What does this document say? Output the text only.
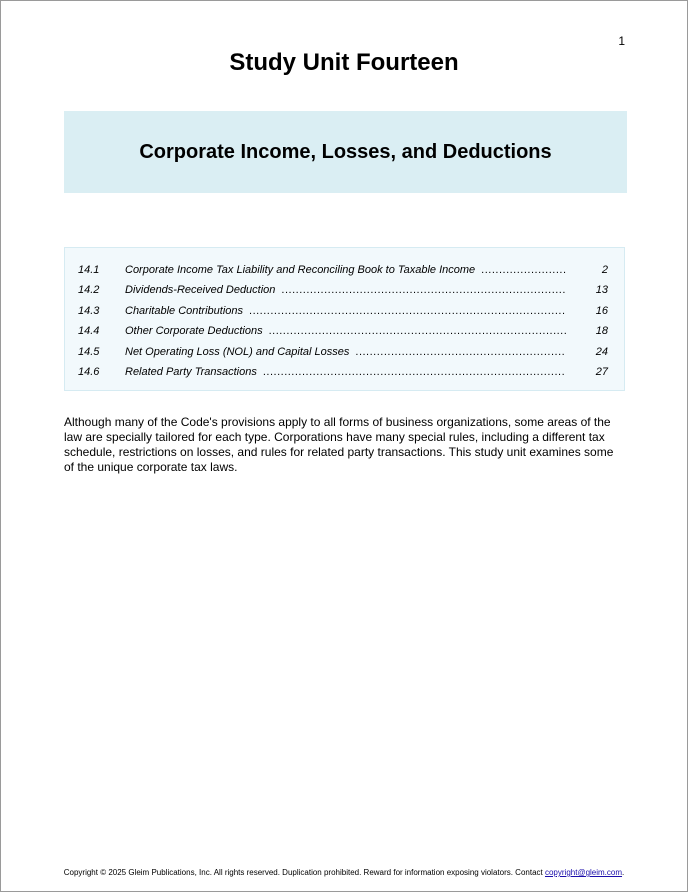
1
Study Unit Fourteen
Corporate Income, Losses, and Deductions
14.1 Corporate Income Tax Liability and Reconciling Book to Taxable Income .....	2
14.2 Dividends-Received Deduction .....	13
14.3 Charitable Contributions .....	16
14.4 Other Corporate Deductions .....	18
14.5 Net Operating Loss (NOL) and Capital Losses .....	24
14.6 Related Party Transactions .....	27
Although many of the Code's provisions apply to all forms of business organizations, some areas of the law are specially tailored for each type. Corporations have many special rules, including a different tax schedule, restrictions on losses, and rules for related party transactions. This study unit examines some of the unique corporate tax laws.
Copyright © 2025 Gleim Publications, Inc. All rights reserved. Duplication prohibited. Reward for information exposing violators. Contact copyright@gleim.com.
